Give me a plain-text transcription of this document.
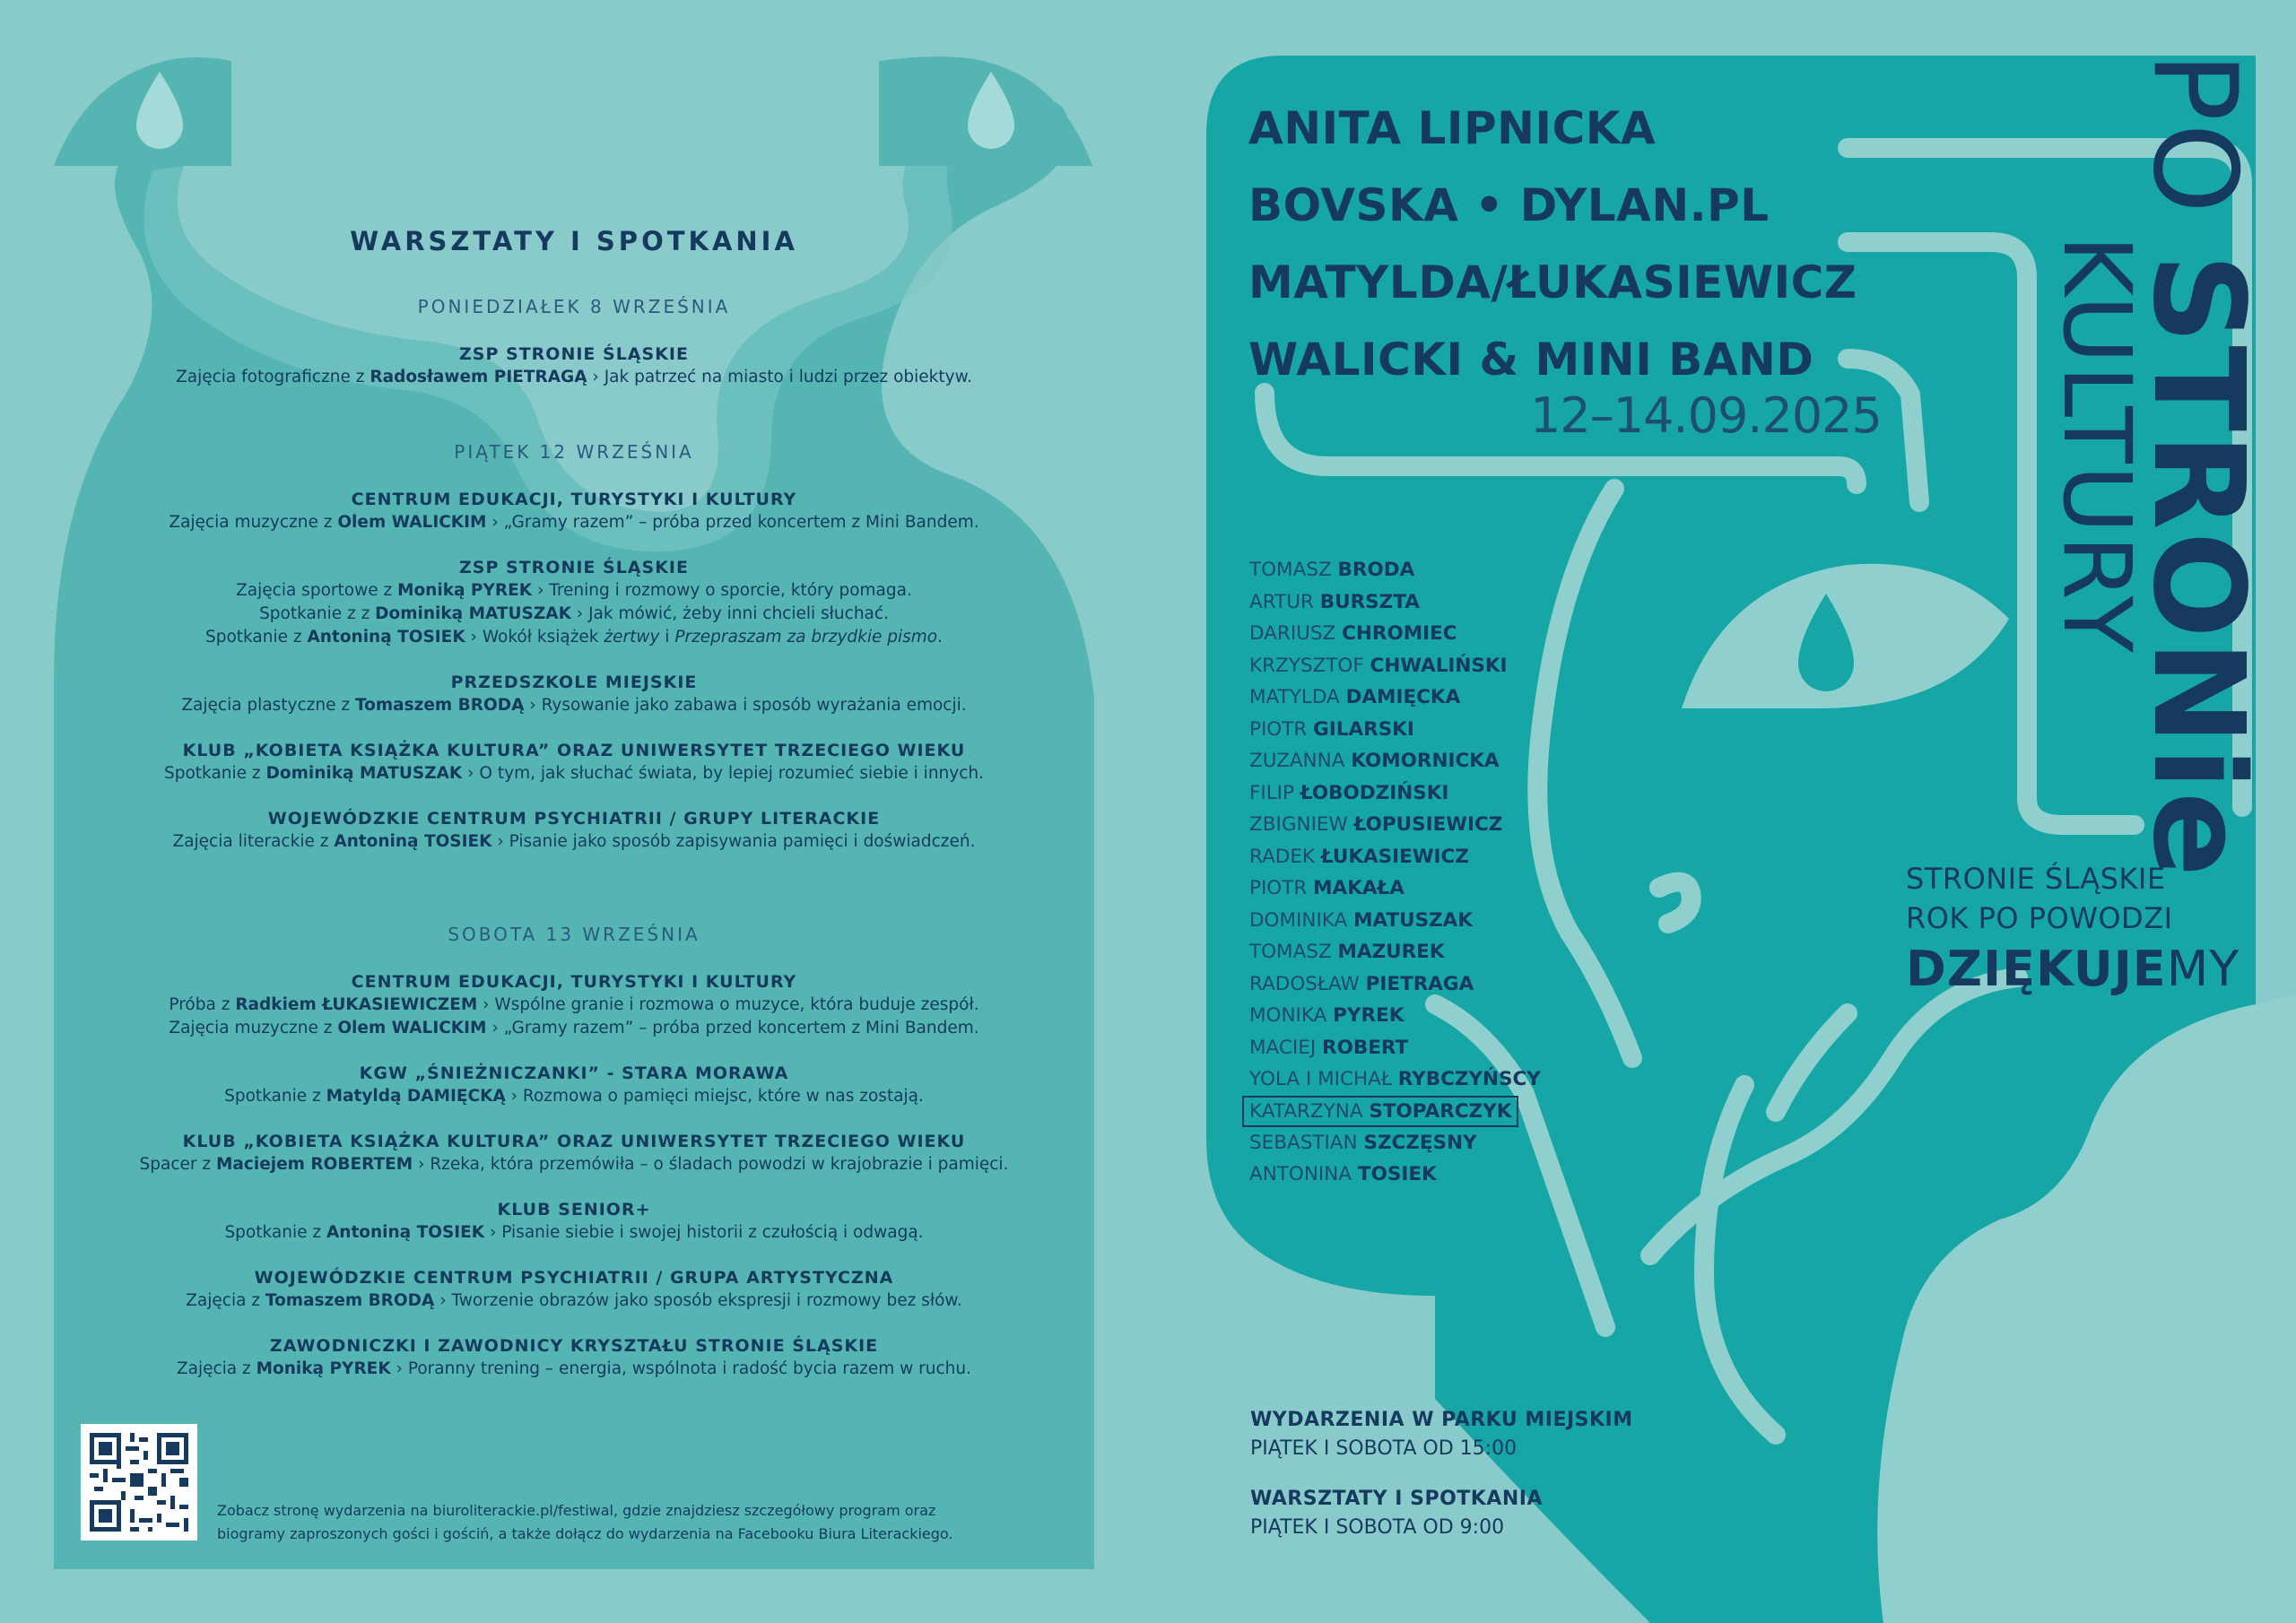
WARSZTATY I SPOTKANIA
PONIEDZIAŁEK 8 WRZEŚNIA
ZSP STRONIE ŚLĄSKIE
Zajęcia fotograficzne z Radosławem PIETRAGĄ › Jak patrzeć na miasto i ludzi przez obiektyw.
PIĄTEK 12 WRZEŚNIA
CENTRUM EDUKACJI, TURYSTYKI I KULTURY
Zajęcia muzyczne z Olem WALICKIM › „Gramy razem” – próba przed koncertem z Mini Bandem.
ZSP STRONIE ŚLĄSKIE
Zajęcia sportowe z Moniką PYREK › Trening i rozmowy o sporcie, który pomaga.
Spotkanie z z Dominiką MATUSZAK › Jak mówić, żeby inni chcieli słuchać.
Spotkanie z Antoniną TOSIEK › Wokół książek żertwy i Przepraszam za brzydkie pismo.
PRZEDSZKOLE MIEJSKIE
Zajęcia plastyczne z Tomaszem BRODĄ › Rysowanie jako zabawa i sposób wyrażania emocji.
KLUB „KOBIETA KSIĄŻKA KULTURA” ORAZ UNIWERSYTET TRZECIEGO WIEKU
Spotkanie z Dominiką MATUSZAK › O tym, jak słuchać świata, by lepiej rozumieć siebie i innych.
WOJEWÓDZKIE CENTRUM PSYCHIATRII / GRUPY LITERACKIE
Zajęcia literackie z Antoniną TOSIEK › Pisanie jako sposób zapisywania pamięci i doświadczeń.
SOBOTA 13 WRZEŚNIA
CENTRUM EDUKACJI, TURYSTYKI I KULTURY
Próba z Radkiem ŁUKASIEWICZEM › Wspólne granie i rozmowa o muzyce, która buduje zespół.
Zajęcia muzyczne z Olem WALICKIM › „Gramy razem” – próba przed koncertem z Mini Bandem.
KGW „ŚNIEŻNICZANKI” - STARA MORAWA
Spotkanie z Matyldą DAMIĘCKĄ › Rozmowa o pamięci miejsc, które w nas zostają.
KLUB „KOBIETA KSIĄŻKA KULTURA” ORAZ UNIWERSYTET TRZECIEGO WIEKU
Spacer z Maciejem ROBERTEM › Rzeka, która przemówiła – o śladach powodzi w krajobrazie i pamięci.
KLUB SENIOR+
Spotkanie z Antoniną TOSIEK › Pisanie siebie i swojej historii z czułością i odwagą.
WOJEWÓDZKIE CENTRUM PSYCHIATRII / GRUPA ARTYSTYCZNA
Zajęcia z Tomaszem BRODĄ › Tworzenie obrazów jako sposób ekspresji i rozmowy bez słów.
ZAWODNICZKI I ZAWODNICY KRYSZTAŁU STRONIE ŚLĄSKIE
Zajęcia z Moniką PYREK › Poranny trening – energia, wspólnota i radość bycia razem w ruchu.
Zobacz stronę wydarzenia na biuroliterackie.pl/festiwal, gdzie znajdziesz szczegółowy program oraz
biogramy zaproszonych gości i gościń, a także dołącz do wydarzenia na Facebooku Biura Literackiego.
ANITA LIPNICKA
BOVSKA • DYLAN.PL
MATYLDA/ŁUKASIEWICZ
WALICKI & MINI BAND
12–14.09.2025
TOMASZ BRODA
ARTUR BURSZTA
DARIUSZ CHROMIEC
KRZYSZTOF CHWALIŃSKI
MATYLDA DAMIĘCKA
PIOTR GILARSKI
ZUZANNA KOMORNICKA
FILIP ŁOBODZIŃSKI
ZBIGNIEW ŁOPUSIEWICZ
RADEK ŁUKASIEWICZ
PIOTR MAKAŁA
DOMINIKA MATUSZAK
TOMASZ MAZUREK
RADOSŁAW PIETRAGA
MONIKA PYREK
MACIEJ ROBERT
YOLA I MICHAŁ RYBCZYŃSCY
KATARZYNA STOPARCZYK
SEBASTIAN SZCZĘSNY
ANTONINA TOSIEK
PO STRONie
KULTURY
STRONIE ŚLĄSKIE
ROK PO POWODZI
DZIĘKUJEMY
WYDARZENIA W PARKU MIEJSKIM
PIĄTEK I SOBOTA OD 15:00
WARSZTATY I SPOTKANIA
PIĄTEK I SOBOTA OD 9:00
